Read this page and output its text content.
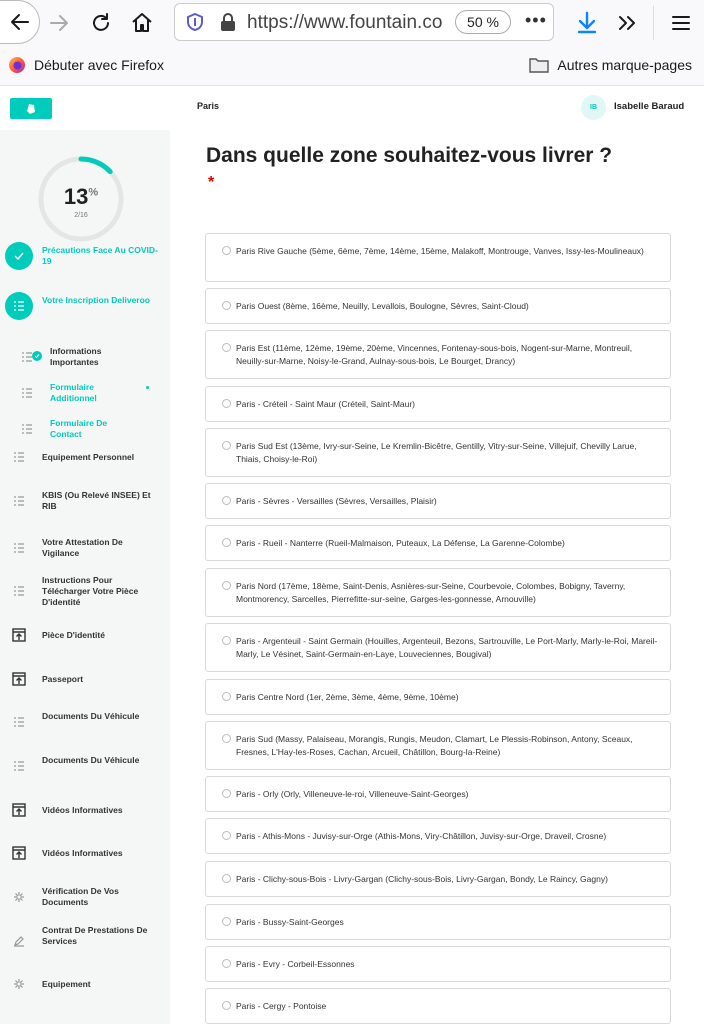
https://www.fountain.co	50 %	•••
Débuter avec Firefox	Autres marque-pages
Paris	IB	Isabelle Baraud
13%
2/16
Précautions Face Au COVID-19
Votre Inscription Deliveroo
Informations Importantes
Formulaire Additionnel
Formulaire De Contact
Equipement Personnel
KBIS (Ou Relevé INSEE) Et RIB
Votre Attestation De Vigilance
Instructions Pour Télécharger Votre Pièce D'identité
Pièce D'identité
Passeport
Documents Du Véhicule
Documents Du Véhicule
Vidéos Informatives
Vidéos Informatives
Vérification De Vos Documents
Contrat De Prestations De Services
Equipement
Dans quelle zone souhaitez-vous livrer ?
*
Paris Rive Gauche (5ème, 6ème, 7ème, 14ème, 15ème, Malakoff, Montrouge, Vanves, Issy-les-Moulineaux)
Paris Ouest (8ème, 16ème, Neuilly, Levallois, Boulogne, Sèvres, Saint-Cloud)
Paris Est (11ème, 12ème, 19ème, 20ème, Vincennes, Fontenay-sous-bois, Nogent-sur-Marne, Montreuil, Neuilly-sur-Marne, Noisy-le-Grand, Aulnay-sous-bois, Le Bourget, Drancy)
Paris - Créteil - Saint Maur (Créteil, Saint-Maur)
Paris Sud Est (13ème, Ivry-sur-Seine, Le Kremlin-Bicêtre, Gentilly, Vitry-sur-Seine, Villejuif, Chevilly Larue, Thiais, Choisy-le-Roi)
Paris - Sèvres - Versailles (Sèvres, Versailles, Plaisir)
Paris - Rueil - Nanterre (Rueil-Malmaison, Puteaux, La Défense, La Garenne-Colombe)
Paris Nord (17ème, 18ème, Saint-Denis, Asnières-sur-Seine, Courbevoie, Colombes, Bobigny, Taverny, Montmorency, Sarcelles, Pierrefitte-sur-seine, Garges-les-gonnesse, Arnouville)
Paris - Argenteuil - Saint Germain (Houilles, Argenteuil, Bezons, Sartrouville, Le Port-Marly, Marly-le-Roi, Mareil-Marly, Le Vésinet, Saint-Germain-en-Laye, Louveciennes, Bougival)
Paris Centre Nord (1er, 2ème, 3ème, 4ème, 9ème, 10ème)
Paris Sud (Massy, Palaiseau, Morangis, Rungis, Meudon, Clamart, Le Plessis-Robinson, Antony, Sceaux, Fresnes, L'Hay-les-Roses, Cachan, Arcueil, Châtillon, Bourg-la-Reine)
Paris - Orly (Orly, Villeneuve-le-roi, Villeneuve-Saint-Georges)
Paris - Athis-Mons - Juvisy-sur-Orge (Athis-Mons, Viry-Châtillon, Juvisy-sur-Orge, Draveil, Crosne)
Paris - Clichy-sous-Bois - Livry-Gargan (Clichy-sous-Bois, Livry-Gargan, Bondy, Le Raincy, Gagny)
Paris - Bussy-Saint-Georges
Paris - Evry - Corbeil-Essonnes
Paris - Cergy - Pontoise
